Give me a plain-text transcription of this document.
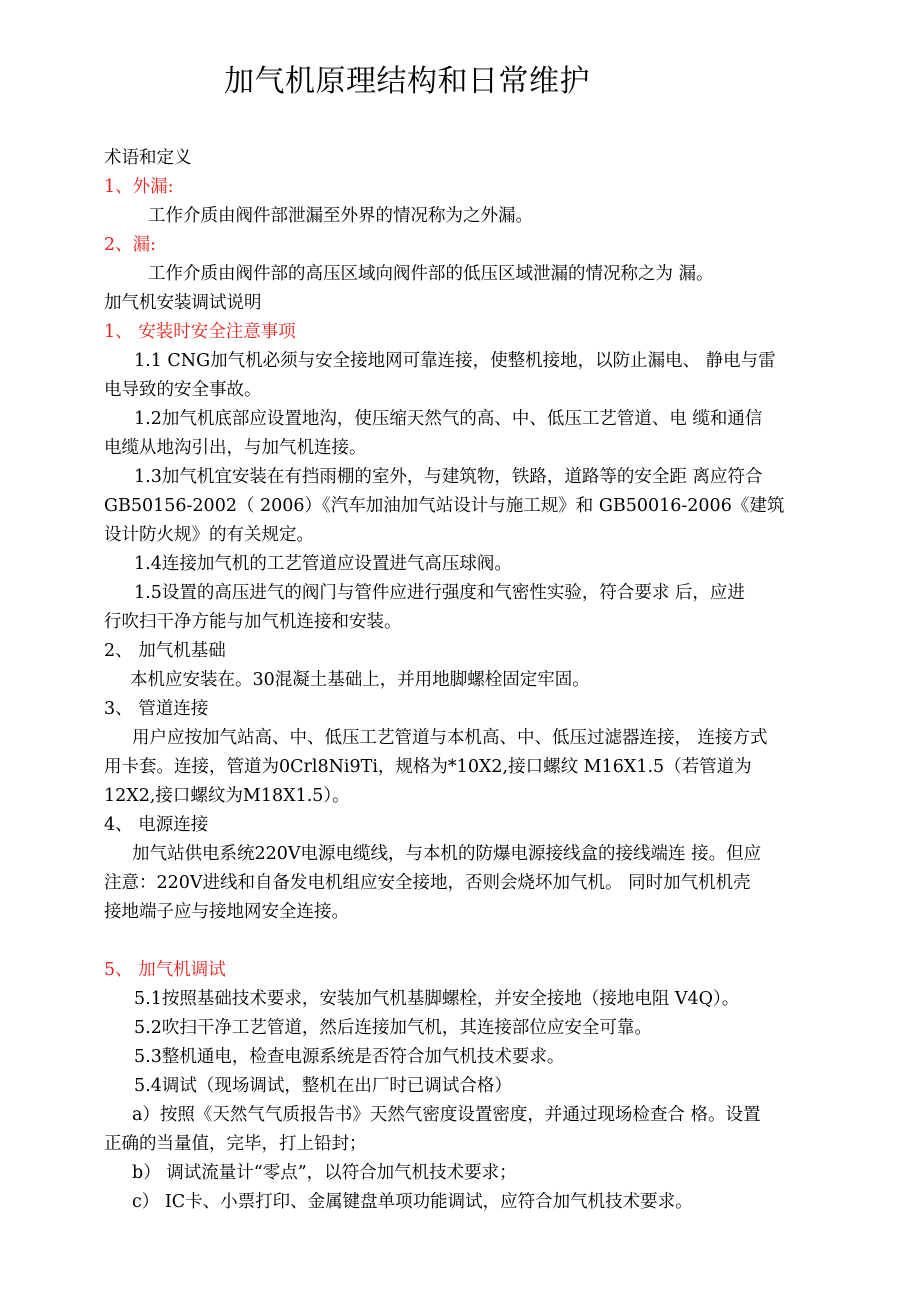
加气机原理结构和日常维护
术语和定义
1、外漏:
工作介质由阀件部泄漏至外界的情况称为之外漏。
2、漏:
工作介质由阀件部的高压区域向阀件部的低压区域泄漏的情况称之为 漏。
加气机安装调试说明
1、 安装时安全注意事项
1.1 CNG加气机必须与安全接地网可靠连接，使整机接地，以防止漏电、 静电与雷
电导致的安全事故。
1.2加气机底部应设置地沟，使压缩天然气的高、中、低压工艺管道、电 缆和通信
电缆从地沟引出，与加气机连接。
1.3加气机宜安装在有挡雨棚的室外，与建筑物，铁路，道路等的安全距 离应符合
GB50156-2002（ 2006）《汽车加油加气站设计与施工规》和 GB50016-2006《建筑
设计防火规》的有关规定。
1.4连接加气机的工艺管道应设置进气高压球阀。
1.5设置的高压进气的阀门与管件应进行强度和气密性实验，符合要求 后，应进
行吹扫干净方能与加气机连接和安装。
2、 加气机基础
本机应安装在。30混凝土基础上，并用地脚螺栓固定牢固。
3、 管道连接
用户应按加气站高、中、低压工艺管道与本机高、中、低压过滤器连接， 连接方式
用卡套。连接，管道为0Crl8Ni9Ti，规格为*10X2,接口螺纹 M16X1.5（若管道为
12X2,接口螺纹为M18X1.5）。
4、 电源连接
加气站供电系统220V电源电缆线，与本机的防爆电源接线盒的接线端连 接。但应
注意：220V进线和自备发电机组应安全接地，否则会烧坏加气机。 同时加气机机壳
接地端子应与接地网安全连接。
5、 加气机调试
5.1按照基础技术要求，安装加气机基脚螺栓，并安全接地（接地电阻 V4Q）。
5.2吹扫干净工艺管道，然后连接加气机，其连接部位应安全可靠。
5.3整机通电，检查电源系统是否符合加气机技术要求。
5.4调试（现场调试，整机在出厂时已调试合格）
a）按照《天然气气质报告书》天然气密度设置密度，并通过现场检查合 格。设置
正确的当量值，完毕，打上铅封；
b） 调试流量计“零点”，以符合加气机技术要求；
c） IC卡、小票打印、金属键盘单项功能调试，应符合加气机技术要求。
